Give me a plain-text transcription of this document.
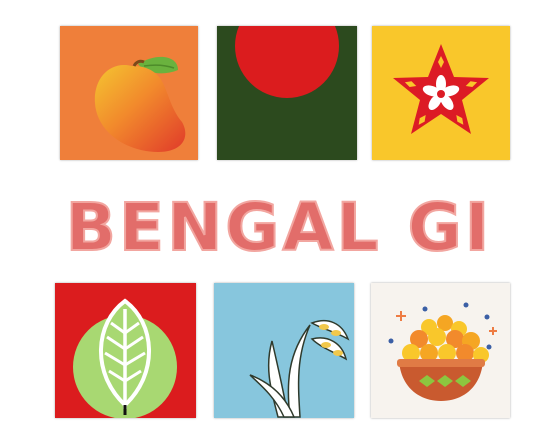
BENGAL GI
